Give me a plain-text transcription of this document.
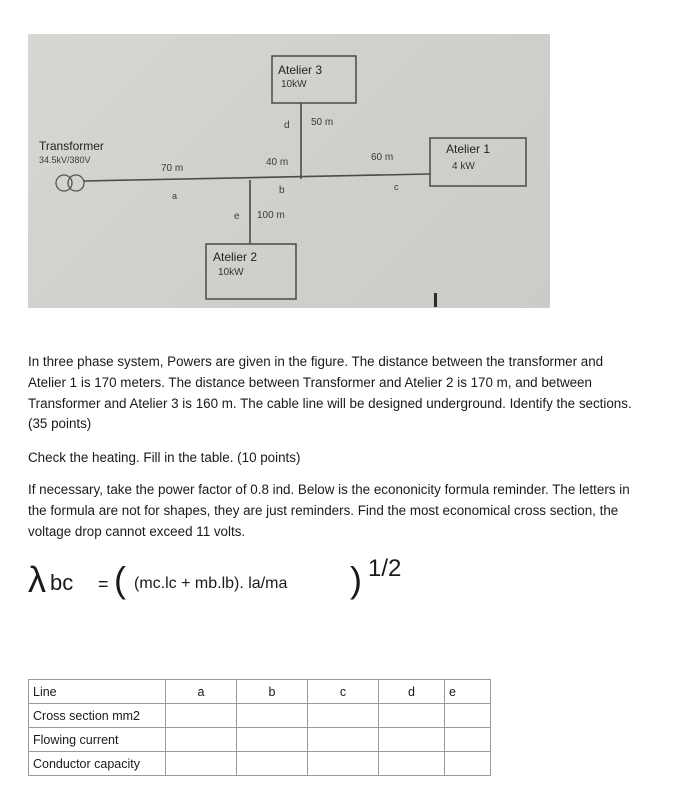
Transformer
34.5kV/380V
Atelier 3
10kW
Atelier 2
10kW
Atelier 1
4 kW
70 m
40 m
50 m
60 m
100 m
a	b	c
d
e

In three phase system, Powers are given in the figure. The distance between the transformer and Atelier 1 is 170 meters. The distance between Transformer and Atelier 2 is 170 m, and between Transformer and Atelier 3 is 160 m. The cable line will be designed underground. Identify the sections. (35 points)

Check the heating. Fill in the table. (10 points)

If necessary, take the power factor of 0.8 ind. Below is the econonicity formula reminder. The letters in the formula are not for shapes, they are just reminders. Find the most economical cross section, the voltage drop cannot exceed 11 volts.

λ bc = ( (mc.lc + mb.lb). la/ma ) 1/2
Line	a	b	c	d	e
Cross section mm2					
Flowing current					
Conductor capacity					
